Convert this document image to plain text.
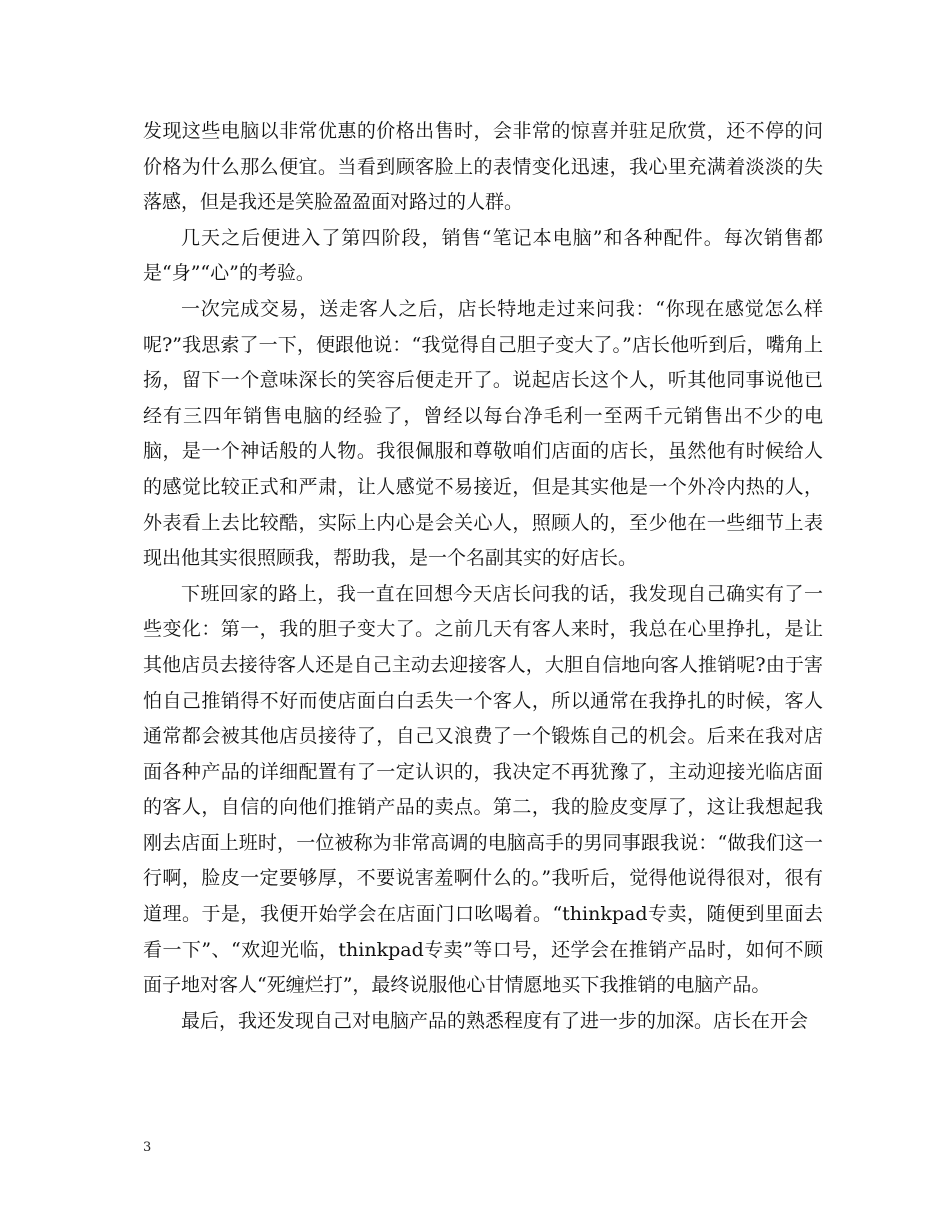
发现这些电脑以非常优惠的价格出售时，会非常的惊喜并驻足欣赏，还不停的问价格为什么那么便宜。当看到顾客脸上的表情变化迅速，我心里充满着淡淡的失落感，但是我还是笑脸盈盈面对路过的人群。

几天之后便进入了第四阶段，销售“笔记本电脑”和各种配件。每次销售都是“身”“心”的考验。

一次完成交易，送走客人之后，店长特地走过来问我：“你现在感觉怎么样呢?”我思索了一下，便跟他说：“我觉得自己胆子变大了。”店长他听到后，嘴角上扬，留下一个意味深长的笑容后便走开了。说起店长这个人，听其他同事说他已经有三四年销售电脑的经验了，曾经以每台净毛利一至两千元销售出不少的电脑，是一个神话般的人物。我很佩服和尊敬咱们店面的店长，虽然他有时候给人的感觉比较正式和严肃，让人感觉不易接近，但是其实他是一个外冷内热的人，外表看上去比较酷，实际上内心是会关心人，照顾人的，至少他在一些细节上表现出他其实很照顾我，帮助我，是一个名副其实的好店长。

下班回家的路上，我一直在回想今天店长问我的话，我发现自己确实有了一些变化：第一，我的胆子变大了。之前几天有客人来时，我总在心里挣扎，是让其他店员去接待客人还是自己主动去迎接客人，大胆自信地向客人推销呢?由于害怕自己推销得不好而使店面白白丢失一个客人，所以通常在我挣扎的时候，客人通常都会被其他店员接待了，自己又浪费了一个锻炼自己的机会。后来在我对店面各种产品的详细配置有了一定认识的，我决定不再犹豫了，主动迎接光临店面的客人，自信的向他们推销产品的卖点。第二，我的脸皮变厚了，这让我想起我刚去店面上班时，一位被称为非常高调的电脑高手的男同事跟我说：“做我们这一行啊，脸皮一定要够厚，不要说害羞啊什么的。”我听后，觉得他说得很对，很有道理。于是，我便开始学会在店面门口吆喝着。“thinkpad专卖，随便到里面去看一下”、“欢迎光临，thinkpad专卖”等口号，还学会在推销产品时，如何不顾面子地对客人“死缠烂打”，最终说服他心甘情愿地买下我推销的电脑产品。

最后，我还发现自己对电脑产品的熟悉程度有了进一步的加深。店长在开会

3
